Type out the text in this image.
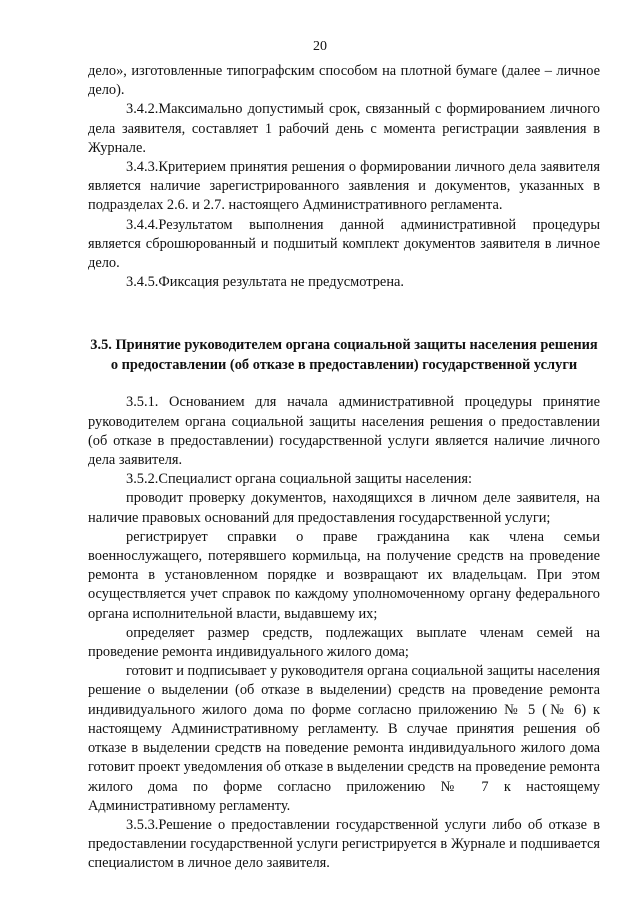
20

дело», изготовленные типографским способом на плотной бумаге (далее – личное дело).

3.4.2.Максимально допустимый срок, связанный с формированием личного дела заявителя, составляет 1 рабочий день с момента регистрации заявления в Журнале.

3.4.3.Критерием принятия решения о формировании личного дела заявителя является наличие зарегистрированного заявления и документов, указанных в подразделах 2.6. и 2.7. настоящего Административного регламента.

3.4.4.Результатом выполнения данной административной процедуры является сброшюрованный и подшитый комплект документов заявителя в личное дело.

3.4.5.Фиксация результата не предусмотрена.

3.5. Принятие руководителем органа социальной защиты населения решения о предоставлении (об отказе в предоставлении) государственной услуги

3.5.1. Основанием для начала административной процедуры принятие руководителем органа социальной защиты населения решения о предоставлении (об отказе в предоставлении) государственной услуги является наличие личного дела заявителя.

3.5.2.Специалист органа социальной защиты населения:

проводит проверку документов, находящихся в личном деле заявителя, на наличие правовых оснований для предоставления государственной услуги;

регистрирует справки о праве гражданина как члена семьи военнослужащего, потерявшего кормильца, на получение средств на проведение ремонта в установленном порядке и возвращают их владельцам. При этом осуществляется учет справок по каждому уполномоченному органу федерального органа исполнительной власти, выдавшему их;

определяет размер средств, подлежащих выплате членам семей на проведение ремонта индивидуального жилого дома;

готовит и подписывает у руководителя органа социальной защиты населения решение о выделении (об отказе в выделении) средств на проведение ремонта индивидуального жилого дома по форме согласно приложению № 5 (№ 6) к настоящему Административному регламенту. В случае принятия решения об отказе в выделении средств на поведение ремонта индивидуального жилого дома готовит проект уведомления об отказе в выделении средств на проведение ремонта жилого дома по форме согласно приложению № 7 к настоящему Административному регламенту.

3.5.3.Решение о предоставлении государственной услуги либо об отказе в предоставлении государственной услуги регистрируется в Журнале и подшивается специалистом в личное дело заявителя.
